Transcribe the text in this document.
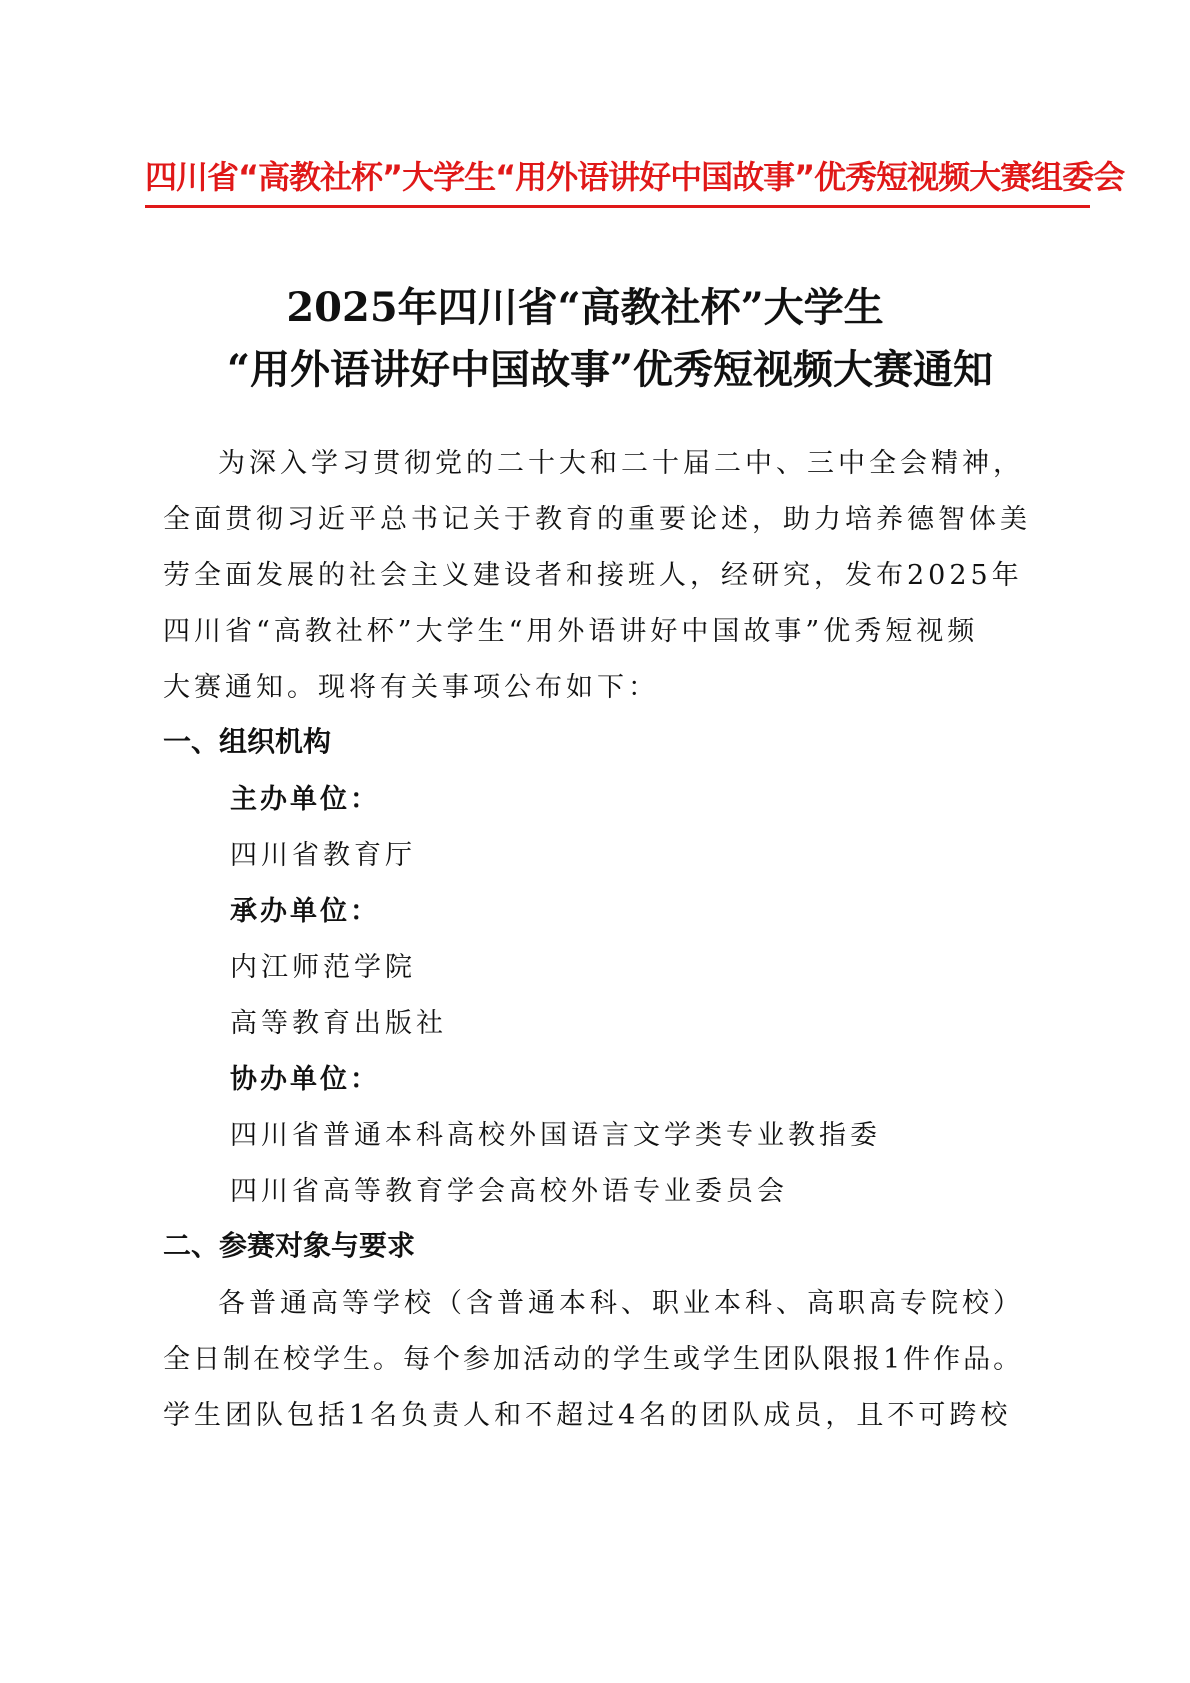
四川省“高教社杯”大学生“用外语讲好中国故事”优秀短视频大赛组委会
2025年四川省“高教社杯”大学生
“用外语讲好中国故事”优秀短视频大赛通知
为深入学习贯彻党的二十大和二十届二中、三中全会精神，
全面贯彻习近平总书记关于教育的重要论述，助力培养德智体美
劳全面发展的社会主义建设者和接班人，经研究，发布2025年
四川省“高教社杯”大学生“用外语讲好中国故事”优秀短视频
大赛通知。现将有关事项公布如下：
一、组织机构
主办单位：
四川省教育厅
承办单位：
内江师范学院
高等教育出版社
协办单位：
四川省普通本科高校外国语言文学类专业教指委
四川省高等教育学会高校外语专业委员会
二、参赛对象与要求
各普通高等学校（含普通本科、职业本科、高职高专院校）
全日制在校学生。每个参加活动的学生或学生团队限报1件作品。
学生团队包括1名负责人和不超过4名的团队成员，且不可跨校
